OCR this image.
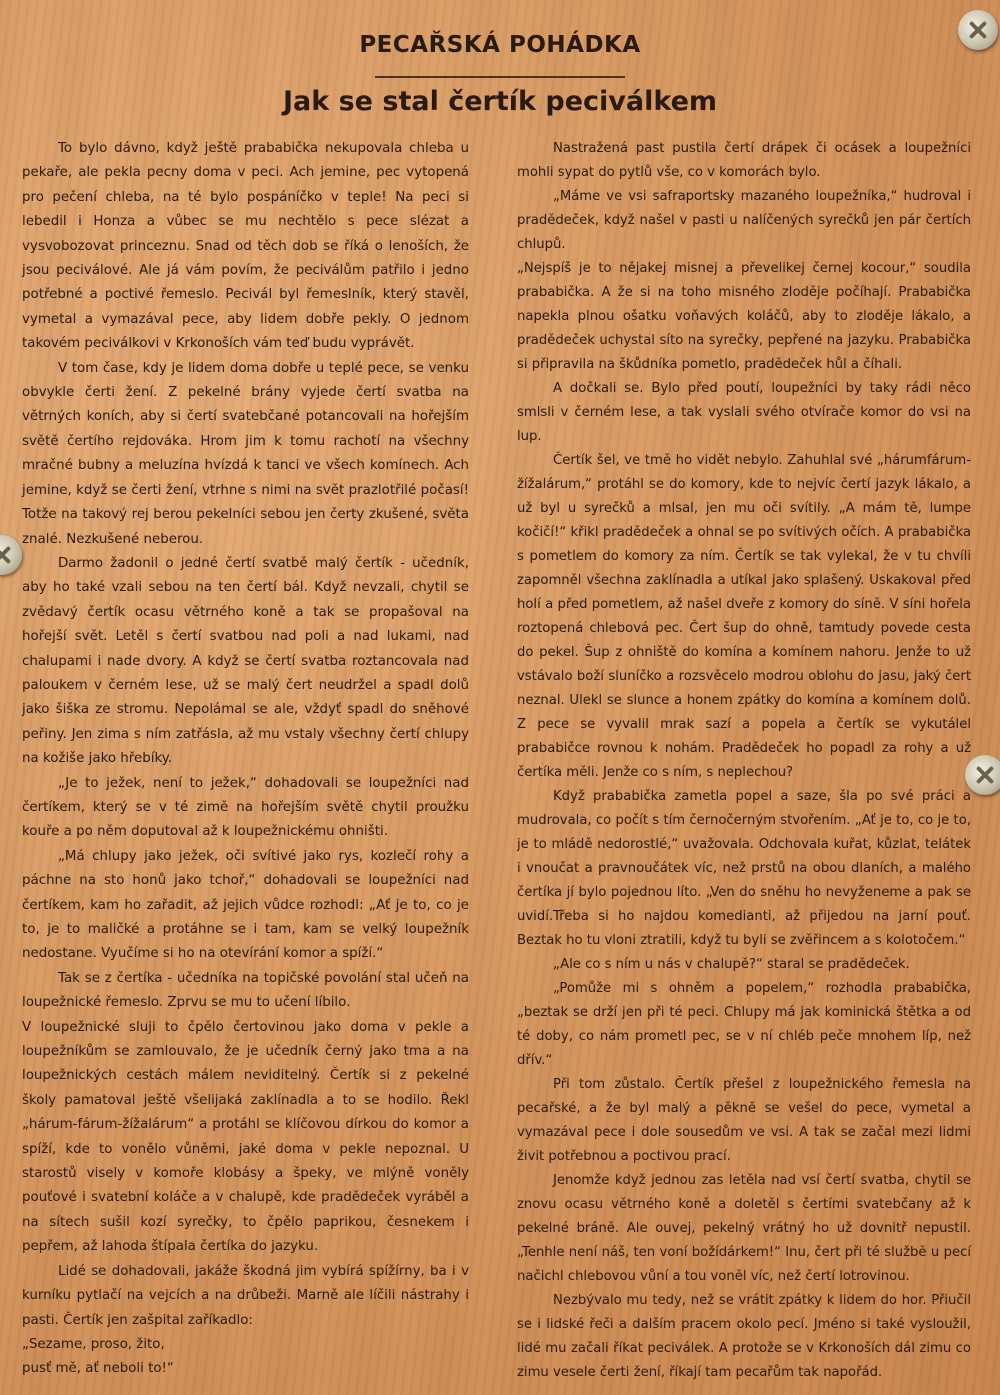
PECAŘSKÁ POHÁDKA
Jak se stal čertík peciválkem

To bylo dávno, když ještě prababička nekupovala chleba u pekaře, ale pekla pecny doma v peci. Ach jemine, pec vytopená pro pečení chleba, na té bylo pospáníčko v teple! Na peci si lebedil i Honza a vůbec se mu nechtělo s pece slézat a vysvobozovat princeznu. Snad od těch dob se říká o lenoších, že jsou peciválové. Ale já vám povím, že peciválům patřilo i jedno potřebné a poctivé řemeslo. Pecivál byl řemeslník, který stavěl, vymetal a vymazával pece, aby lidem dobře pekly. O jednom takovém peciválkovi v Krkonoších vám teď budu vyprávět.

V tom čase, kdy je lidem doma dobře u teplé pece, se venku obvykle čerti žení. Z pekelné brány vyjede čertí svatba na větrných koních, aby si čertí svatebčané potancovali na hořejším světě čertího rejdováka. Hrom jim k tomu rachotí na všechny mračné bubny a meluzína hvízdá k tanci ve všech komínech. Ach jemine, když se čerti žení, vtrhne s nimi na svět prazlotřilé počasí! Totže na takový rej berou pekelníci sebou jen čerty zkušené, světa znalé. Nezkušené neberou.

Darmo žadonil o jedné čertí svatbě malý čertík - učedník, aby ho také vzali sebou na ten čertí bál. Když nevzali, chytil se zvědavý čertík ocasu větrného koně a tak se propašoval na hořejší svět. Letěl s čertí svatbou nad poli a nad lukami, nad chalupami i nade dvory. A když se čertí svatba roztancovala nad paloukem v černém lese, už se malý čert neudržel a spadl dolů jako šiška ze stromu. Nepolámal se ale, vždyť spadl do sněhové peřiny. Jen zima s ním zatřásla, až mu vstaly všechny čertí chlupy na kožiše jako hřebíky.

„Je to ježek, není to ježek,“ dohadovali se loupežníci nad čertíkem, který se v té zimě na hořejším světě chytil proužku kouře a po něm doputoval až k loupežnickému ohništi.

„Má chlupy jako ježek, oči svítivé jako rys, kozlečí rohy a páchne na sto honů jako tchoř,“ dohadovali se loupežníci nad čertíkem, kam ho zařadit, až jejich vůdce rozhodl: „Ať je to, co je to, je to maličké a protáhne se i tam, kam se velký loupežník nedostane. Vyučíme si ho na otevírání komor a spíží.“

Tak se z čertíka - učedníka na topičské povolání stal učeň na loupežnické řemeslo. Zprvu se mu to učení líbilo.

V loupežnické sluji to čpělo čertovinou jako doma v pekle a loupežníkům se zamlouvalo, že je učedník černý jako tma a na loupežnických cestách málem neviditelný. Čertík si z pekelné školy pamatoval ještě všelijaká zaklínadla a to se hodilo. Řekl „hárum-fárum-žížalárum“ a protáhl se klíčovou dírkou do komor a spíží, kde to vonělo vůněmi, jaké doma v pekle nepoznal. U starostů visely v komoře klobásy a špeky, ve mlýně voněly pouťové i svatební koláče a v chalupě, kde pradědeček vyráběl a na sítech sušil kozí syrečky, to čpělo paprikou, česnekem i pepřem, až lahoda štípala čertíka do jazyku.

Lidé se dohadovali, jakáže škodná jim vybírá spížírny, ba i v kurníku pytlačí na vejcích a na drůbeži. Marně ale líčili nástrahy i pasti. Čertík jen zašpital zaříkadlo:

„Sezame, proso, žito,

pusť mě, ať neboli to!“

Nastražená past pustila čertí drápek či ocásek a loupežníci mohli sypat do pytlů vše, co v komorách bylo.

„Máme ve vsi safraportsky mazaného loupežníka,“ hudroval i pradědeček, když našel v pasti u nalíčených syrečků jen pár čertích chlupů.

„Nejspíš je to nějakej misnej a převelikej černej kocour,“ soudila prababička. A že si na toho misného zloděje počíhají. Prababička napekla plnou ošatku voňavých koláčů, aby to zloděje lákalo, a pradědeček uchystal síto na syrečky, pepřené na jazyku. Prababička si připravila na škůdníka pometlo, pradědeček hůl a číhali.

A dočkali se. Bylo před poutí, loupežníci by taky rádi něco smlsli v černém lese, a tak vyslali svého otvírače komor do vsi na lup.

Čertík šel, ve tmě ho vidět nebylo. Zahuhlal své „hárumfárum-žížalárum,“ protáhl se do komory, kde to nejvíc čertí jazyk lákalo, a už byl u syrečků a mlsal, jen mu oči svítily. „A mám tě, lumpe kočičí!“ křikl pradědeček a ohnal se po svítivých očích. A prababička s pometlem do komory za ním. Čertík se tak vylekal, že v tu chvíli zapomněl všechna zaklínadla a utíkal jako splašený. Uskakoval před holí a před pometlem, až našel dveře z komory do síně. V síni hořela roztopená chlebová pec. Čert šup do ohně, tamtudy povede cesta do pekel. Šup z ohniště do komína a komínem nahoru. Jenže to už vstávalo boží sluníčko a rozsvěcelo modrou oblohu do jasu, jaký čert neznal. Ulekl se slunce a honem zpátky do komína a komínem dolů. Z pece se vyvalil mrak sazí a popela a čertík se vykutálel prababičce rovnou k nohám. Pradědeček ho popadl za rohy a už čertíka měli. Jenže co s ním, s neplechou?

Když prababička zametla popel a saze, šla po své práci a mudrovala, co počít s tím černočerným stvořením. „Ať je to, co je to, je to mládě nedorostlé,“ uvažovala. Odchovala kuřat, kůzlat, telátek i vnoučat a pravnoučátek víc, než prstů na obou dlaních, a malého čertíka jí bylo pojednou líto. „Ven do sněhu ho nevyženeme a pak se uvidí.Třeba si ho najdou komedianti, až přijedou na jarní pouť. Beztak ho tu vloni ztratili, když tu byli se zvěřincem a s kolotočem.“

„Ale co s ním u nás v chalupě?“ staral se pradědeček.

„Pomůže mi s ohněm a popelem,“ rozhodla prababička, „beztak se drží jen při té peci. Chlupy má jak kominická štětka a od té doby, co nám prometl pec, se v ní chléb peče mnohem líp, než dřív.“

Při tom zůstalo. Čertík přešel z loupežnického řemesla na pecařské, a že byl malý a pěkně se vešel do pece, vymetal a vymazával pece i dole sousedům ve vsi. A tak se začal mezi lidmi živit potřebnou a poctivou prací.

Jenomže když jednou zas letěla nad vsí čertí svatba, chytil se znovu ocasu větrného koně a doletěl s čertími svatebčany až k pekelné bráně. Ale ouvej, pekelný vrátný ho už dovnitř nepustil. „Tenhle není náš, ten voní božídárkem!“ Inu, čert při té službě u pecí načichl chlebovou vůní a tou voněl víc, než čertí lotrovinou.

Nezbývalo mu tedy, než se vrátit zpátky k lidem do hor. Přiučil se i lidské řeči a dalším pracem okolo pecí. Jméno si také vysloužil, lidé mu začali říkat peciválek. A protože se v Krkonoších dál zimu co zimu vesele čerti žení, říkají tam pecařům tak napořád.
